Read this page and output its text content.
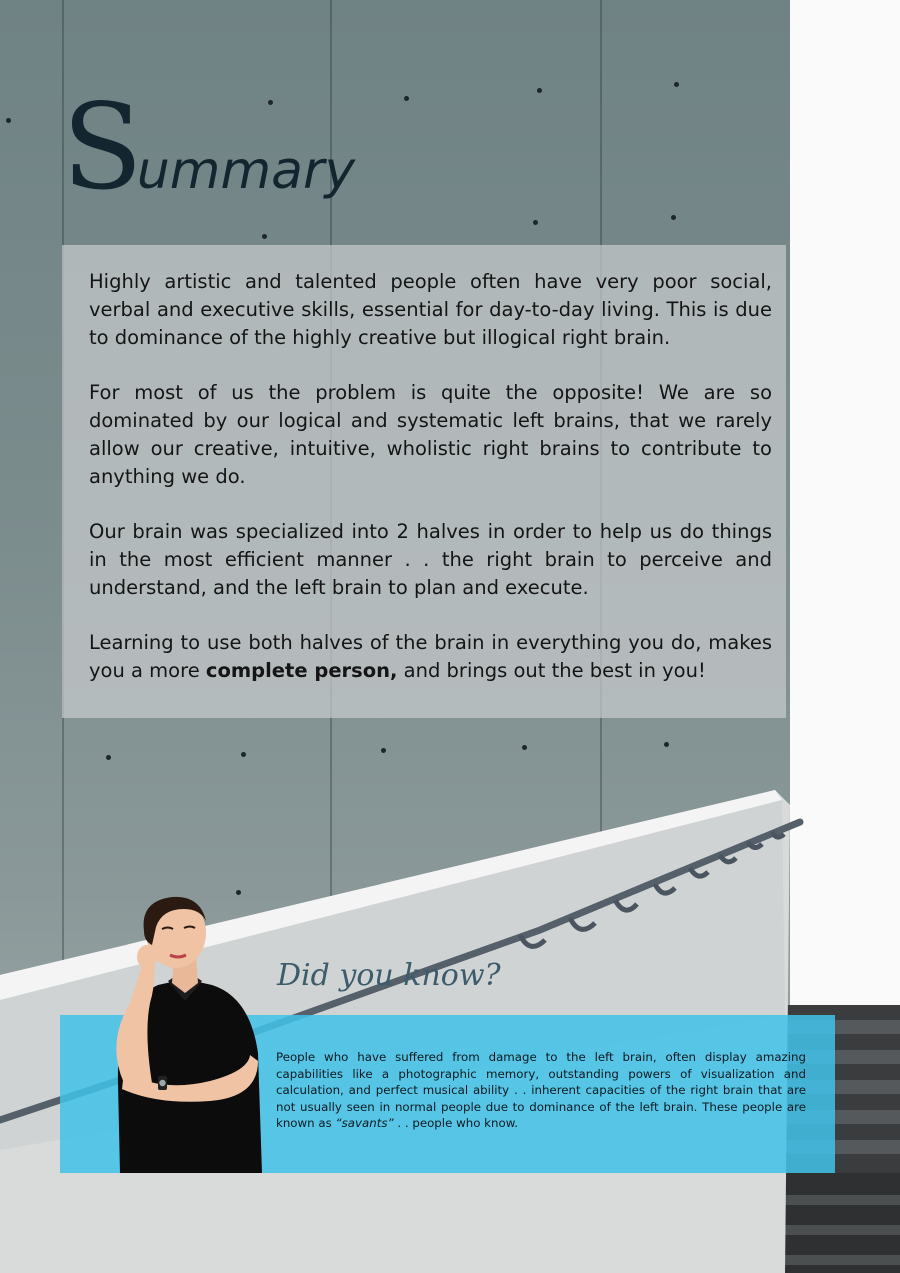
Summary

Highly artistic and talented people often have very poor social, verbal and executive skills, essential for day-to-day living. This is due to dominance of the highly creative but illogical right brain.

For most of us the problem is quite the opposite! We are so dominated by our logical and systematic left brains, that we rarely allow our creative, intuitive, wholistic right brains to contribute to anything we do.

Our brain was specialized into 2 halves in order to help us do things in the most efficient manner . . the right brain to perceive and understand, and the left brain to plan and execute.

Learning to use both halves of the brain in everything you do, makes you a more complete person, and brings out the best in you!

Did you know?

People who have suffered from damage to the left brain, often display amazing capabilities like a photographic memory, outstanding powers of visualization and calculation, and perfect musical ability . . inherent capacities of the right brain that are not usually seen in normal people due to dominance of the left brain. These people are known as “savants” . . people who know.
